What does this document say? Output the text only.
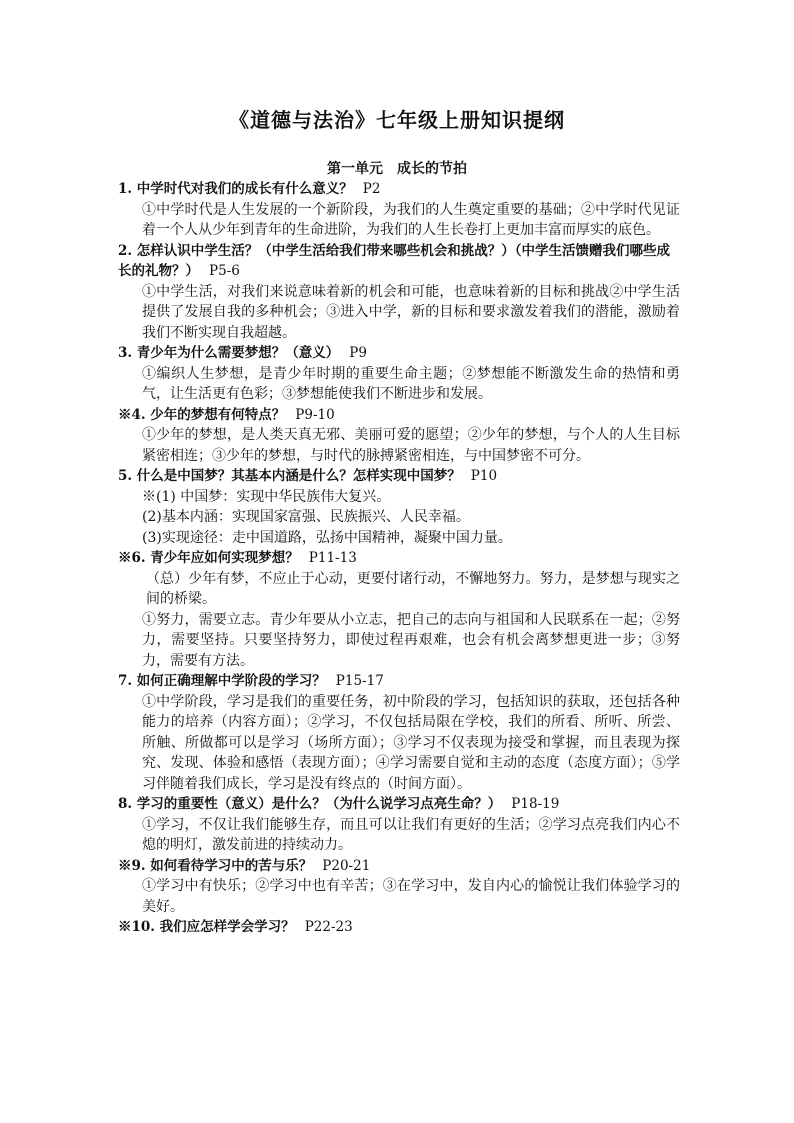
《道德与法治》七年级上册知识提纲
第一单元　成长的节拍
1. 中学时代对我们的成长有什么意义？ P2
①中学时代是人生发展的一个新阶段，为我们的人生奠定重要的基础；②中学时代见证着一个人从少年到青年的生命进阶，为我们的人生长卷打上更加丰富而厚实的底色。
2. 怎样认识中学生活？（中学生活给我们带来哪些机会和挑战？）（中学生活馈赠我们哪些成长的礼物？） P5-6
①中学生活，对我们来说意味着新的机会和可能，也意味着新的目标和挑战②中学生活提供了发展自我的多种机会；③进入中学，新的目标和要求激发着我们的潜能，激励着我们不断实现自我超越。
3. 青少年为什么需要梦想？（意义） P9
①编织人生梦想，是青少年时期的重要生命主题；②梦想能不断激发生命的热情和勇气，让生活更有色彩；③梦想能使我们不断进步和发展。
※4. 少年的梦想有何特点？ P9-10
①少年的梦想，是人类天真无邪、美丽可爱的愿望；②少年的梦想，与个人的人生目标紧密相连；③少年的梦想，与时代的脉搏紧密相连，与中国梦密不可分。
5. 什么是中国梦？其基本内涵是什么？怎样实现中国梦？ P10
※(1) 中国梦：实现中华民族伟大复兴。
(2)基本内涵：实现国家富强、民族振兴、人民幸福。
(3)实现途径：走中国道路，弘扬中国精神，凝聚中国力量。
※6. 青少年应如何实现梦想？ P11-13
（总）少年有梦，不应止于心动，更要付诸行动，不懈地努力。努力，是梦想与现实之间的桥梁。
①努力，需要立志。青少年要从小立志，把自己的志向与祖国和人民联系在一起；②努力，需要坚持。只要坚持努力，即使过程再艰难，也会有机会离梦想更进一步；③努力，需要有方法。
7. 如何正确理解中学阶段的学习？ P15-17
①中学阶段，学习是我们的重要任务，初中阶段的学习，包括知识的获取，还包括各种能力的培养（内容方面）；②学习，不仅包括局限在学校，我们的所看、所听、所尝、所触、所做都可以是学习（场所方面）；③学习不仅表现为接受和掌握，而且表现为探究、发现、体验和感悟（表现方面）；④学习需要自觉和主动的态度（态度方面）；⑤学习伴随着我们成长，学习是没有终点的（时间方面）。
8. 学习的重要性（意义）是什么？（为什么说学习点亮生命？） P18-19
①学习，不仅让我们能够生存，而且可以让我们有更好的生活；②学习点亮我们内心不熄的明灯，激发前进的持续动力。
※9. 如何看待学习中的苦与乐？ P20-21
①学习中有快乐；②学习中也有辛苦；③在学习中，发自内心的愉悦让我们体验学习的美好。
※10. 我们应怎样学会学习？ P22-23
